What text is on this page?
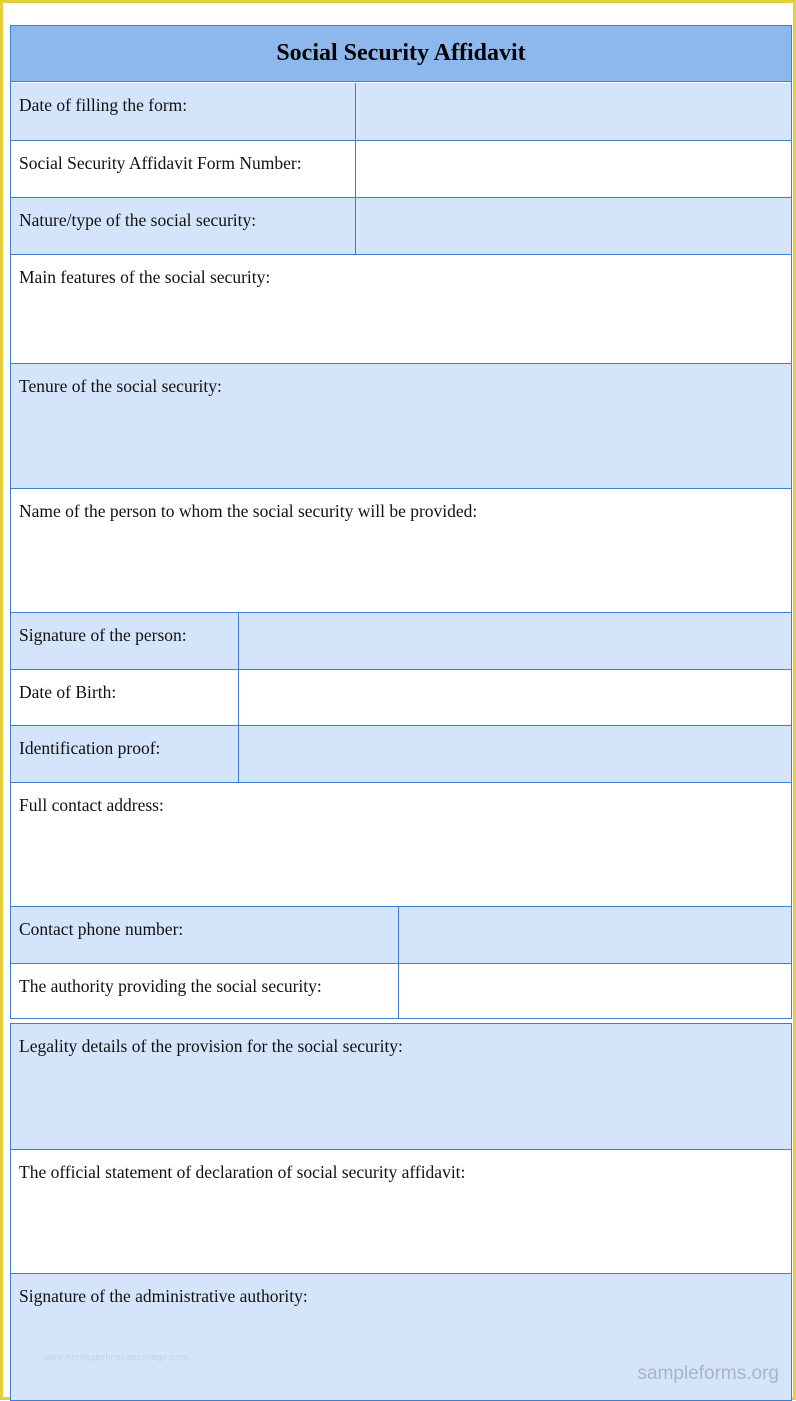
Social Security Affidavit
Date of filling the form:
Social Security Affidavit Form Number:
Nature/type of the social security:
Main features of the social security:
Tenure of the social security:
Name of the person to whom the social security will be provided:
Signature of the person:
Date of Birth:
Identification proof:
Full contact address:
Contact phone number:
The authority providing the social security:
Legality details of the provision for the social security:
The official statement of declaration of social security affidavit:
Signature of the administrative authority:
www.heritagechristiancollege.com
sampleforms.org
